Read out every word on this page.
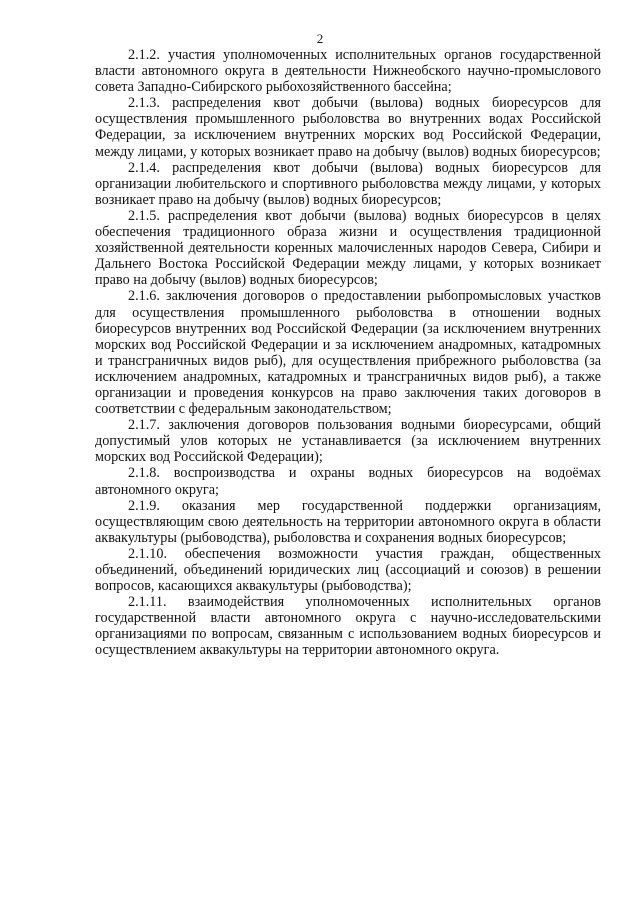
2

2.1.2. участия уполномоченных исполнительных органов государственной власти автономного округа в деятельности Нижнеобского научно-промыслового совета Западно-Сибирского рыбохозяйственного бассейна;

2.1.3. распределения квот добычи (вылова) водных биоресурсов для осуществления промышленного рыболовства во внутренних водах Российской Федерации, за исключением внутренних морских вод Российской Федерации, между лицами, у которых возникает право на добычу (вылов) водных биоресурсов;

2.1.4. распределения квот добычи (вылова) водных биоресурсов для организации любительского и спортивного рыболовства между лицами, у которых возникает право на добычу (вылов) водных биоресурсов;

2.1.5. распределения квот добычи (вылова) водных биоресурсов в целях обеспечения традиционного образа жизни и осуществления традиционной хозяйственной деятельности коренных малочисленных народов Севера, Сибири и Дальнего Востока Российской Федерации между лицами, у которых возникает право на добычу (вылов) водных биоресурсов;

2.1.6. заключения договоров о предоставлении рыбопромысловых участков для осуществления промышленного рыболовства в отношении водных биоресурсов внутренних вод Российской Федерации (за исключением внутренних морских вод Российской Федерации и за исключением анадромных, катадромных и трансграничных видов рыб), для осуществления прибрежного рыболовства (за исключением анадромных, катадромных и трансграничных видов рыб), а также организации и проведения конкурсов на право заключения таких договоров в соответствии с федеральным законодательством;

2.1.7. заключения договоров пользования водными биоресурсами, общий допустимый улов которых не устанавливается (за исключением внутренних морских вод Российской Федерации);

2.1.8. воспроизводства и охраны водных биоресурсов на водоёмах автономного округа;

2.1.9. оказания мер государственной поддержки организациям, осуществляющим свою деятельность на территории автономного округа в области аквакультуры (рыбоводства), рыболовства и сохранения водных биоресурсов;

2.1.10. обеспечения возможности участия граждан, общественных объединений, объединений юридических лиц (ассоциаций и союзов) в решении вопросов, касающихся аквакультуры (рыбоводства);

2.1.11. взаимодействия уполномоченных исполнительных органов государственной власти автономного округа с научно-исследовательскими организациями по вопросам, связанным с использованием водных биоресурсов и осуществлением аквакультуры на территории автономного округа.
